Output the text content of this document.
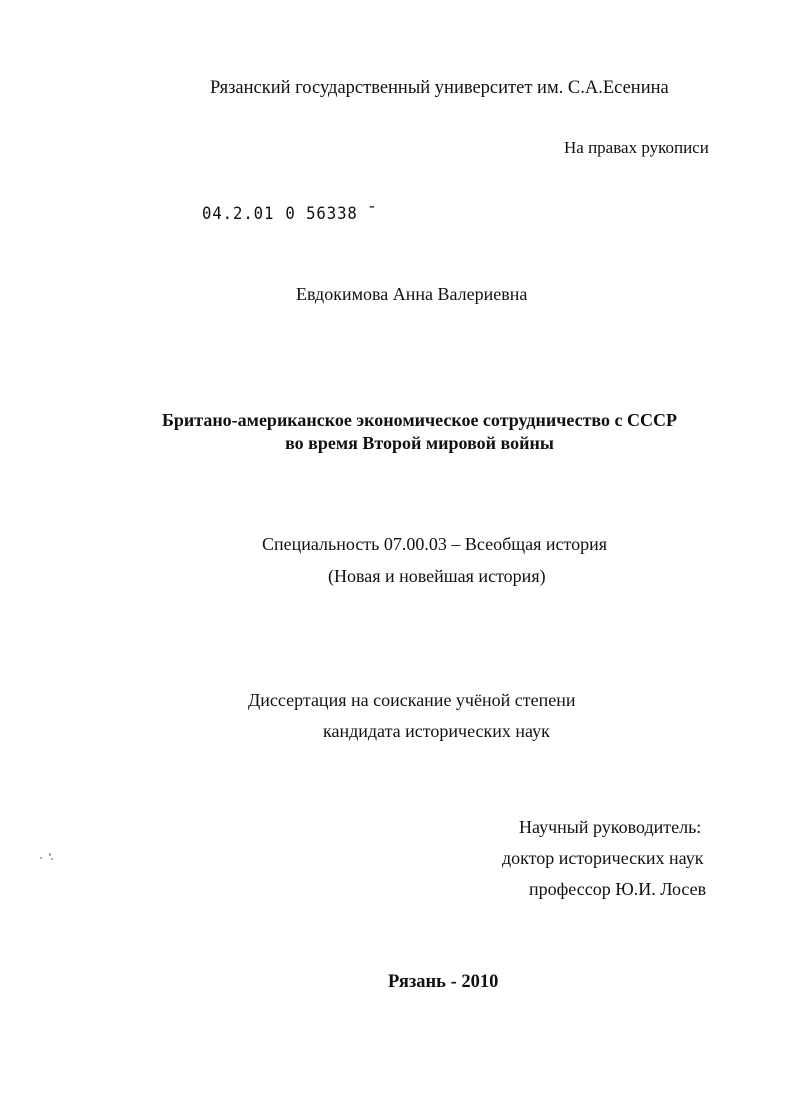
Рязанский государственный университет им. С.А.Есенина
На правах рукописи
04.2.01 0 56338 ̄
Евдокимова Анна Валериевна
Британо-американское экономическое сотрудничество с СССР
во время Второй мировой войны
Специальность 07.00.03 – Всеобщая история
(Новая и новейшая история)
Диссертация на соискание учёной степени
кандидата исторических наук
Научный руководитель:
доктор исторических наук
профессор Ю.И. Лосев
Рязань - 2010
